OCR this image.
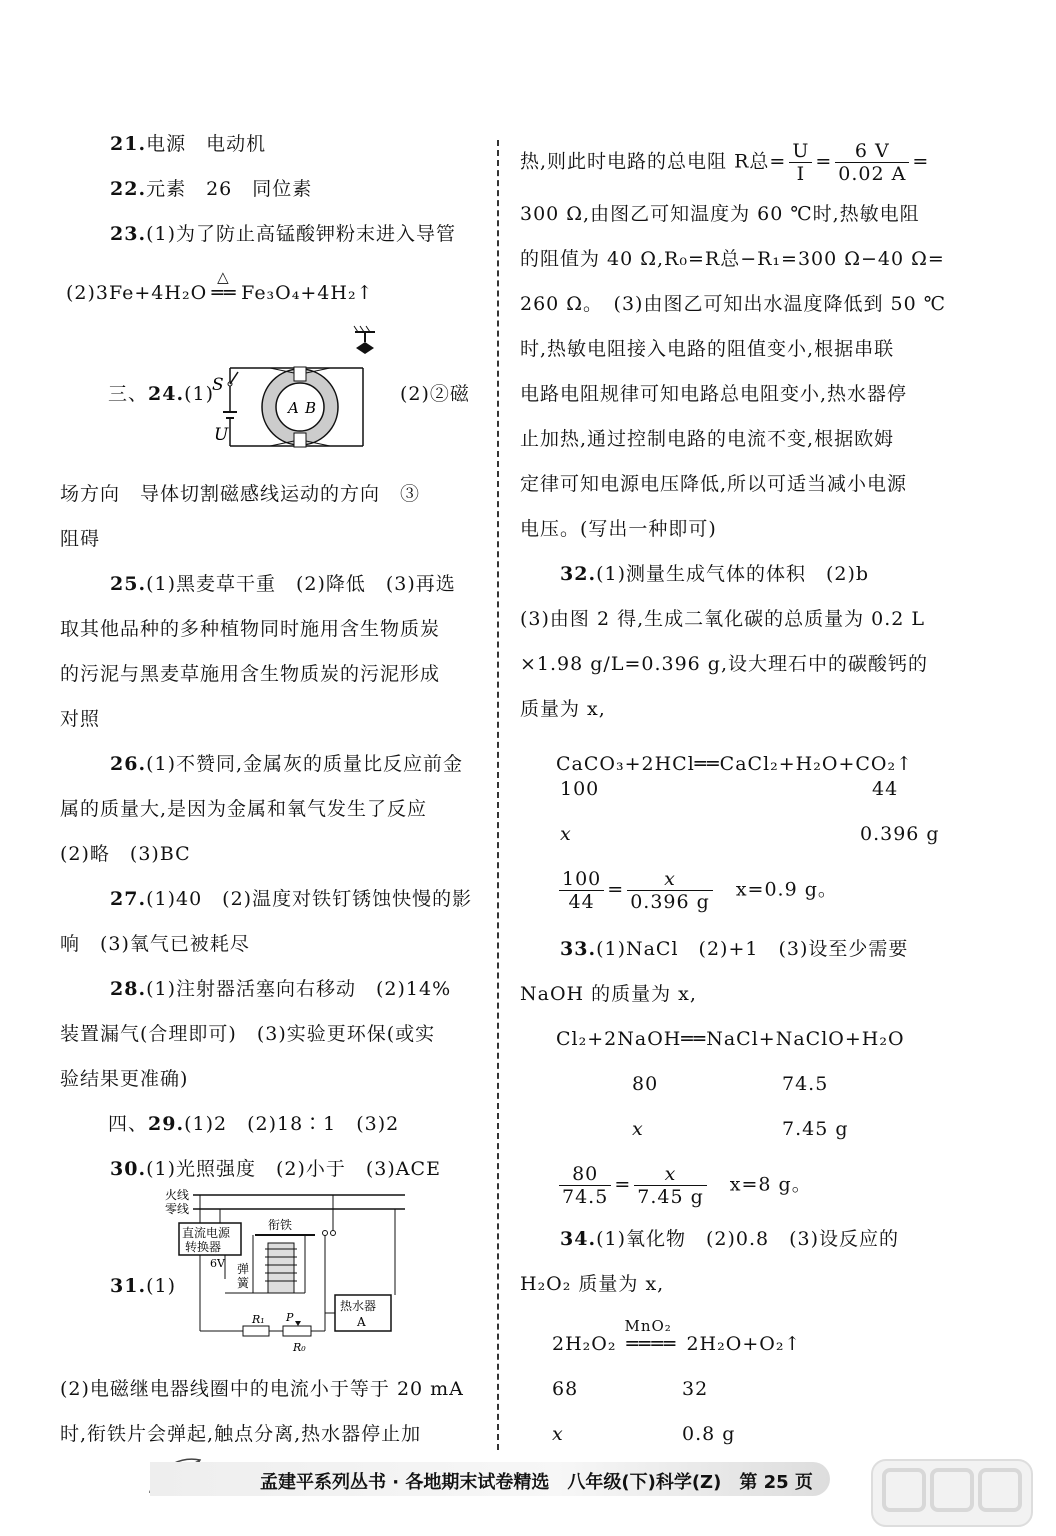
21.电源　电动机
22.元素　26　同位素
23.(1)为了防止高锰酸钾粉末进入导管
(2)3Fe+4H₂O
△
══ Fe₃O₄+4H₂↑
三、24.(1)	(2)②磁
S
U
A B
场方向　导体切割磁感线运动的方向　③
阻碍
25.(1)黑麦草干重　(2)降低　(3)再选
取其他品种的多种植物同时施用含生物质炭
的污泥与黑麦草施用含生物质炭的污泥形成
对照
26.(1)不赞同,金属灰的质量比反应前金
属的质量大,是因为金属和氧气发生了反应
(2)略　(3)BC
27.(1)40　(2)温度对铁钉锈蚀快慢的影
响　(3)氧气已被耗尽
28.(1)注射器活塞向右移动　(2)14%
装置漏气(合理即可)　(3)实验更环保(或实
验结果更准确)
四、29.(1)2　(2)18∶1　(3)2
30.(1)光照强度　(2)小于　(3)ACE
31.(1)
火线
零线
直流电源
转换器
6V
衔铁
弹
簧
热水器
A
R₁ P
R₀
(2)电磁继电器线圈中的电流小于等于 20 mA
时,衔铁片会弹起,触点分离,热水器停止加
热,则此时电路的总电阻 R总= $\frac{U}{I} = \frac{6 V}{0.02 A}$ =
300 Ω,由图乙可知温度为 60 ℃时,热敏电阻
的阻值为 40 Ω,R₀=R总−R₁=300 Ω−40 Ω=
260 Ω。　(3)由图乙可知出水温度降低到 50 ℃
时,热敏电阻接入电路的阻值变小,根据串联
电路电阻规律可知电路总电阻变小,热水器停
止加热,通过控制电路的电流不变,根据欧姆
定律可知电源电压降低,所以可适当减小电源
电压。(写出一种即可)
32.(1)测量生成气体的体积　(2)b
(3)由图 2 得,生成二氧化碳的总质量为 0.2 L
×1.98 g/L=0.396 g,设大理石中的碳酸钙的
质量为 x,
CaCO₃+2HCl══CaCl₂+H₂O+CO₂↑
100	44
x	0.396 g
$\frac{100}{44} = \frac{x}{0.396 g}$
　 x=0.9 g。
33.(1)NaCl　(2)+1　(3)设至少需要
NaOH 的质量为 x,
Cl₂+2NaOH══NaCl+NaClO+H₂O
80	74.5
x	7.45 g
$\frac{80}{74.5} = \frac{x}{7.45 g}$
　 x=8 g。
34.(1)氧化物　(2)0.8　(3)设反应的
H₂O₂ 质量为 x,
2H₂O₂
MnO₂
════ 2H₂O+O₂↑
68	32
x	0.8 g
孟建平系列丛书 · 各地期末试卷精选　八年级(下)科学(Z)　第 25 页
